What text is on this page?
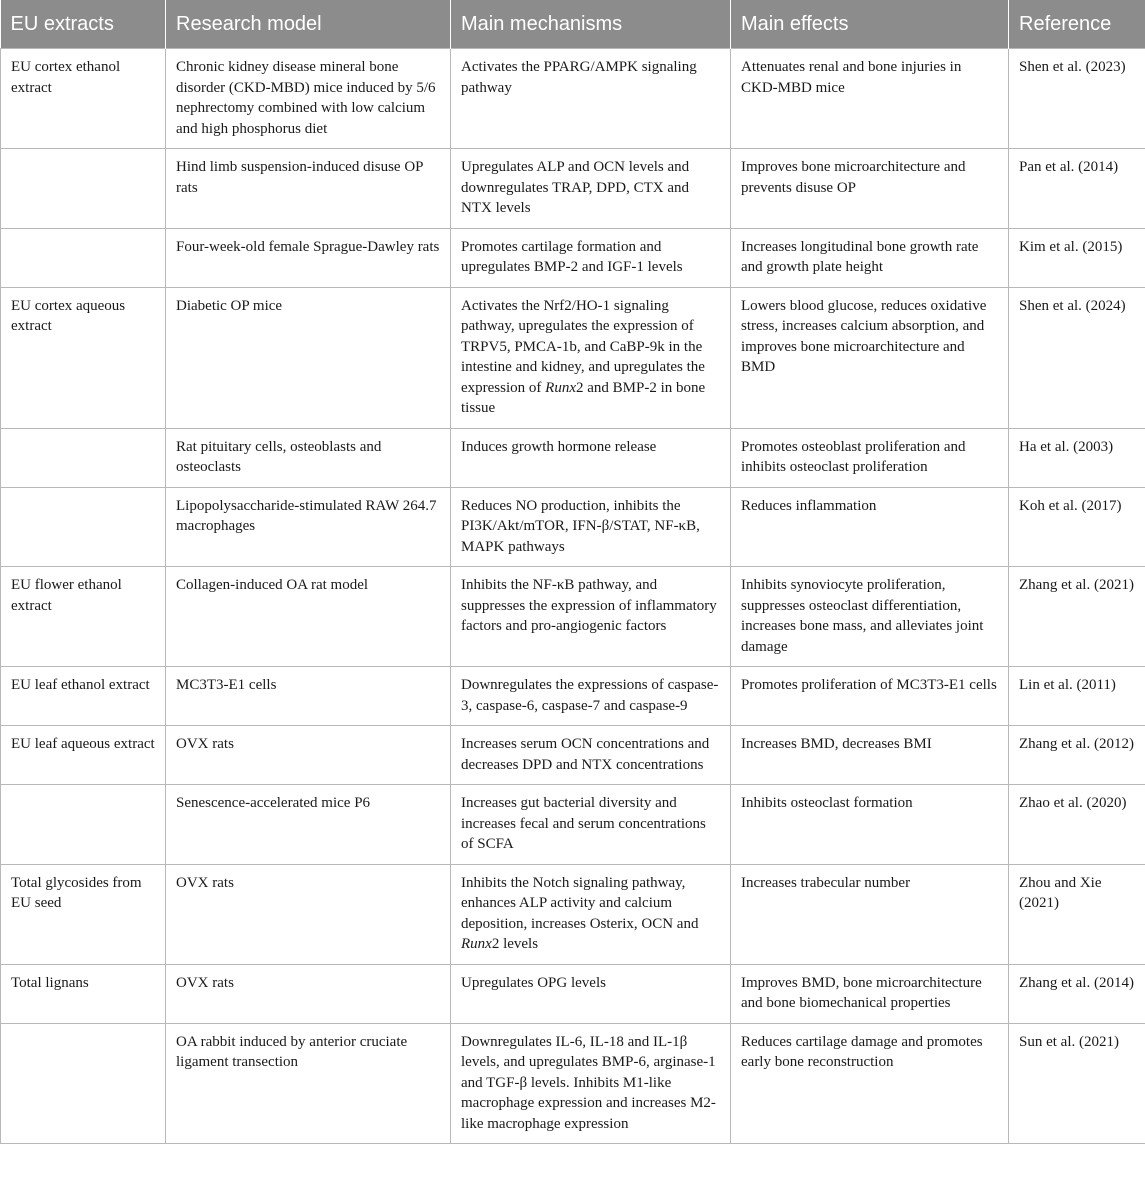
EU extracts	Research model	Main mechanisms	Main effects	Reference
EU cortex ethanol extract	Chronic kidney disease mineral bone disorder (CKD-MBD) mice induced by 5/6 nephrectomy combined with low calcium and high phosphorus diet	Activates the PPARG/AMPK signaling pathway	Attenuates renal and bone injuries in CKD-MBD mice	Shen et al. (2023)
	Hind limb suspension-induced disuse OP rats	Upregulates ALP and OCN levels and downregulates TRAP, DPD, CTX and NTX levels	Improves bone microarchitecture and prevents disuse OP	Pan et al. (2014)
	Four-week-old female Sprague-Dawley rats	Promotes cartilage formation and upregulates BMP-2 and IGF-1 levels	Increases longitudinal bone growth rate and growth plate height	Kim et al. (2015)
EU cortex aqueous extract	Diabetic OP mice	Activates the Nrf2/HO-1 signaling pathway, upregulates the expression of TRPV5, PMCA-1b, and CaBP-9k in the intestine and kidney, and upregulates the expression of Runx2 and BMP-2 in bone tissue	Lowers blood glucose, reduces oxidative stress, increases calcium absorption, and improves bone microarchitecture and BMD	Shen et al. (2024)
	Rat pituitary cells, osteoblasts and osteoclasts	Induces growth hormone release	Promotes osteoblast proliferation and inhibits osteoclast proliferation	Ha et al. (2003)
	Lipopolysaccharide-stimulated RAW 264.7 macrophages	Reduces NO production, inhibits the PI3K/Akt/mTOR, IFN-β/STAT, NF-κB, MAPK pathways	Reduces inflammation	Koh et al. (2017)
EU flower ethanol extract	Collagen-induced OA rat model	Inhibits the NF-κB pathway, and suppresses the expression of inflammatory factors and pro-angiogenic factors	Inhibits synoviocyte proliferation, suppresses osteoclast differentiation, increases bone mass, and alleviates joint damage	Zhang et al. (2021)
EU leaf ethanol extract	MC3T3-E1 cells	Downregulates the expressions of caspase-3, caspase-6, caspase-7 and caspase-9	Promotes proliferation of MC3T3-E1 cells	Lin et al. (2011)
EU leaf aqueous extract	OVX rats	Increases serum OCN concentrations and decreases DPD and NTX concentrations	Increases BMD, decreases BMI	Zhang et al. (2012)
	Senescence-accelerated mice P6	Increases gut bacterial diversity and increases fecal and serum concentrations of SCFA	Inhibits osteoclast formation	Zhao et al. (2020)
Total glycosides from EU seed	OVX rats	Inhibits the Notch signaling pathway, enhances ALP activity and calcium deposition, increases Osterix, OCN and Runx2 levels	Increases trabecular number	Zhou and Xie (2021)
Total lignans	OVX rats	Upregulates OPG levels	Improves BMD, bone microarchitecture and bone biomechanical properties	Zhang et al. (2014)
	OA rabbit induced by anterior cruciate ligament transection	Downregulates IL-6, IL-18 and IL-1β levels, and upregulates BMP-6, arginase-1 and TGF-β levels. Inhibits M1-like macrophage expression and increases M2-like macrophage expression	Reduces cartilage damage and promotes early bone reconstruction	Sun et al. (2021)
